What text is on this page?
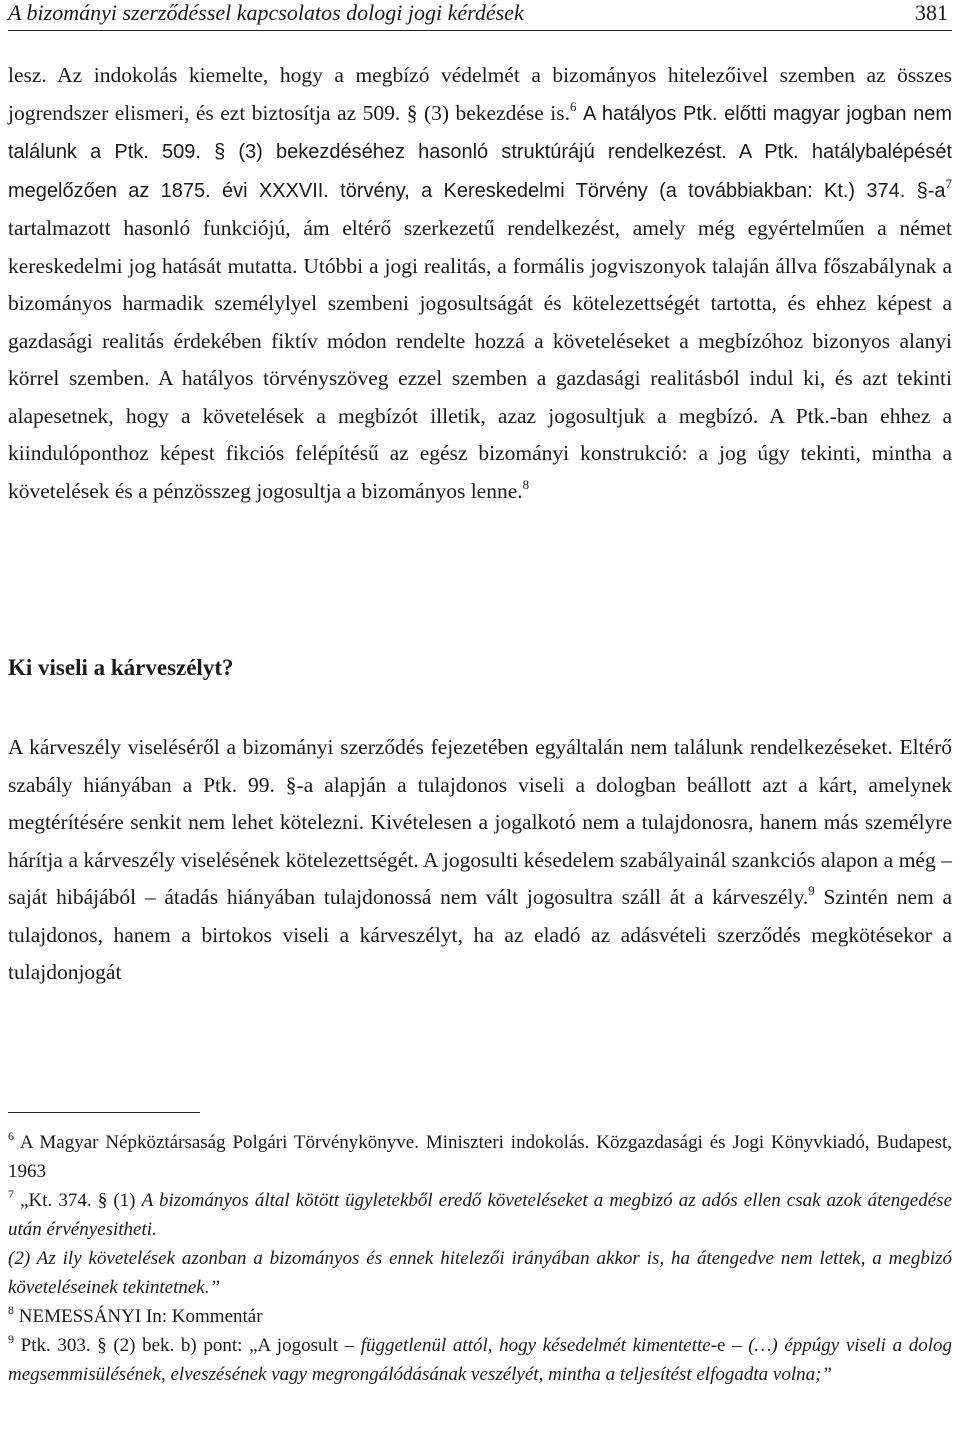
A bizományi szerződéssel kapcsolatos dologi jogi kérdések	381
lesz. Az indokolás kiemelte, hogy a megbízó védelmét a bizományos hitelezőivel szemben az összes jogrendszer elismeri, és ezt biztosítja az 509. § (3) bekezdése is.$^6$ A hatályos Ptk. előtti magyar jogban nem találunk a Ptk. 509. § (3) bekezdéséhez hasonló struktúrájú rendelkezést. A Ptk. hatálybalépését megelőzően az 1875. évi XXXVII. törvény, a Kereskedelmi Törvény (a továbbiakban: Kt.) 374. $\S-a^7$ tartalmazott hasonló funkciójú, ám eltérő szerkezetű rendelkezést, amely még egyértelműen a német kereskedelmi jog hatását mutatta. Utóbbi a jogi realitás, a formális jogviszonyok talaján állva főszabálynak a bizományos harmadik személylyel szembeni jogosultságát és kötelezettségét tartotta, és ehhez képest a gazdasági realitás érdekében fiktív módon rendelte hozzá a követeléseket a megbízóhoz bizonyos alanyi körrel szemben. A hatályos törvényszöveg ezzel szemben a gazdasági realitásból indul ki, és azt tekinti alapesetnek, hogy a követelések a megbízót illetik, azaz jogosultjuk a megbízó. A Ptk.-ban ehhez a kiindulóponthoz képest fikciós felépítésű az egész bizományi konstrukció: a jog úgy tekinti, mintha a követelések és a pénzösszeg jogosultja a bizományos lenne.$^8$
Ki viseli a kárveszélyt?
A kárveszély viseléséről a bizományi szerződés fejezetében egyáltalán nem találunk rendelkezéseket. Eltérő szabály hiányában a Ptk. 99. §-a alapján a tulajdonos viseli a dologban beállott azt a kárt, amelynek megtérítésére senkit nem lehet kötelezni. Kivételesen a jogalkotó nem a tulajdonosra, hanem más személyre hárítja a kárveszély viselésének kötelezettségét. A jogosulti késedelem szabályainál szankciós alapon a még – saját hibájából – átadás hiányában tulajdonossá nem vált jogosultra száll át a kárveszély.$^9$ Szintén nem a tulajdonos, hanem a birtokos viseli a kárveszélyt, ha az eladó az adásvételi szerződés megkötésekor a tulajdonjogát

$^6$ A Magyar Népköztársaság Polgári Törvénykönyve. Miniszteri indokolás. Közgazdasági és Jogi Könyvkiadó, Budapest, 1963

$^7$ „Kt. 374. § (1) A bizományos által kötött ügyletekből eredő követeléseket a megbizó az adós ellen csak azok átengedése után érvényesitheti.

(2) Az ily követelések azonban a bizományos és ennek hitelezői irányában akkor is, ha átengedve nem lettek, a megbizó követeléseinek tekintetnek.”

$^8$ NEMESSÁNYI In: Kommentár

$^9$ Ptk. 303. § (2) bek. b) pont: „A jogosult – függetlenül attól, hogy késedelmét kimentette-e – (…) éppúgy viseli a dolog megsemmisülésének, elveszésének vagy megrongálódásának veszélyét, mintha a teljesítést elfogadta volna;”
